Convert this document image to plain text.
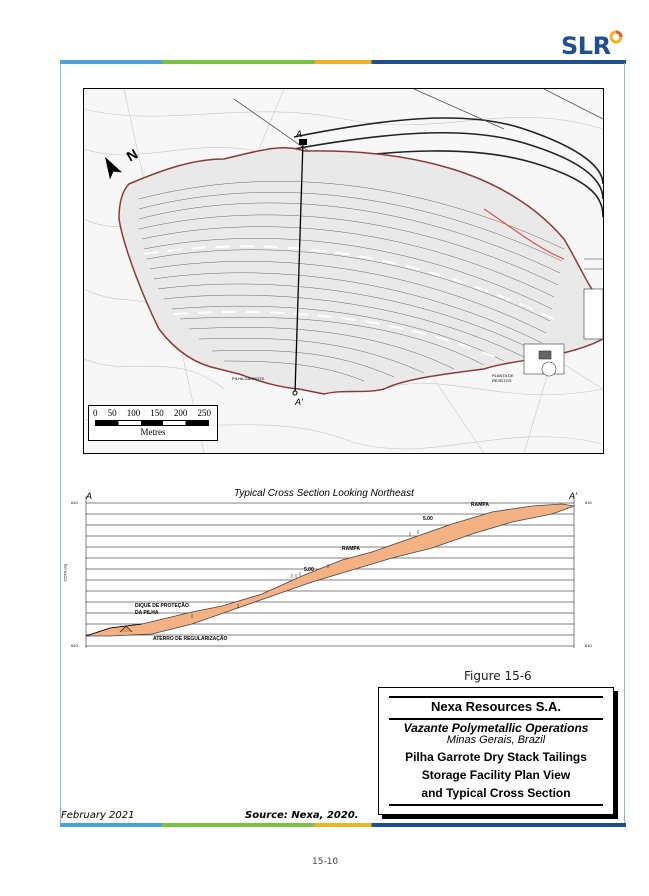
SLR
A
A'
N
PILHA GARROTE
PLANTA DE REJEITOS
0 50 100 150 200 250
Metres
Typical Cross Section Looking Northeast
A	A'
RAMPA
RAMPA
5.00
5.00
DIQUE DE PROTEÇÃO
DA PILHA
ATERRO DE REGULARIZAÇÃO
610
610
610
610
COTA (m)
Figure 15-6
Nexa Resources S.A.
Vazante Polymetallic Operations
Minas Gerais, Brazil
Pilha Garrote Dry Stack Tailings
Storage Facility Plan View
and Typical Cross Section
February 2021	Source: Nexa, 2020.
15-10
